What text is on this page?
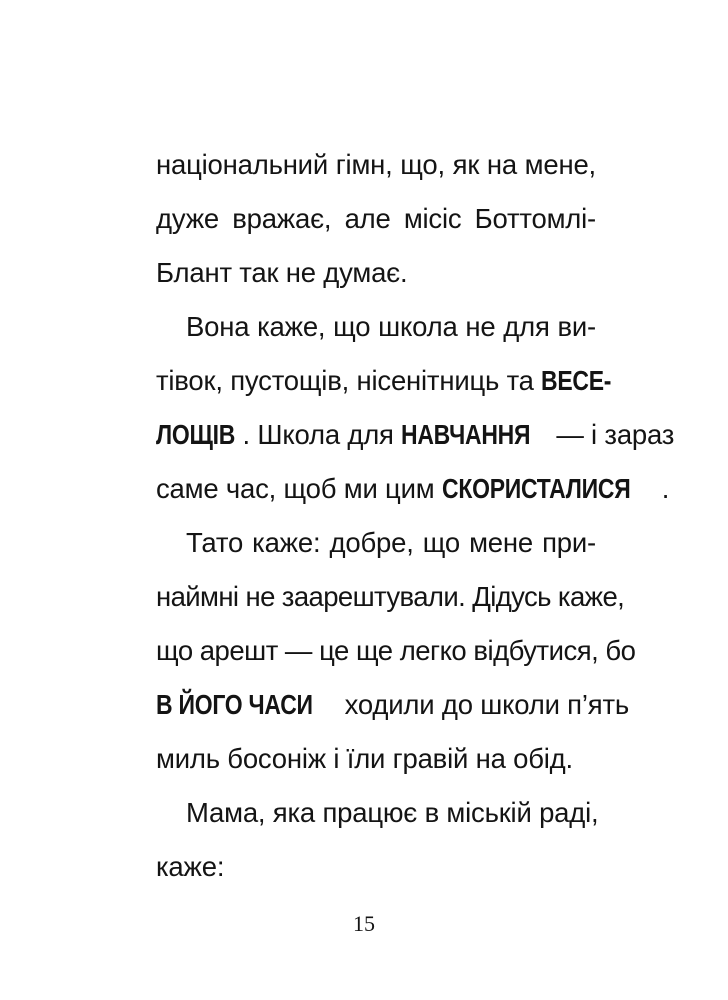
національний гімн, що, як на мене,
дуже вражає, але місіс Боттомлі-
Блант так не думає.
Вона каже, що школа не для ви-
тівок, пустощів, нісенітниць та ВЕСЕ-
ЛОЩІВ . Школа для НАВЧАННЯ — і зараз
саме час, щоб ми цим СКОРИСТАЛИСЯ .
Тато каже: добре, що мене при-
наймні не заарештували. Дідусь каже,
що арешт — це ще легко відбутися, бо
В ЙОГО ЧАСИ ходили до школи п’ять
миль босоніж і їли гравій на обід.
Мама, яка працює в міській раді,
каже:
15
